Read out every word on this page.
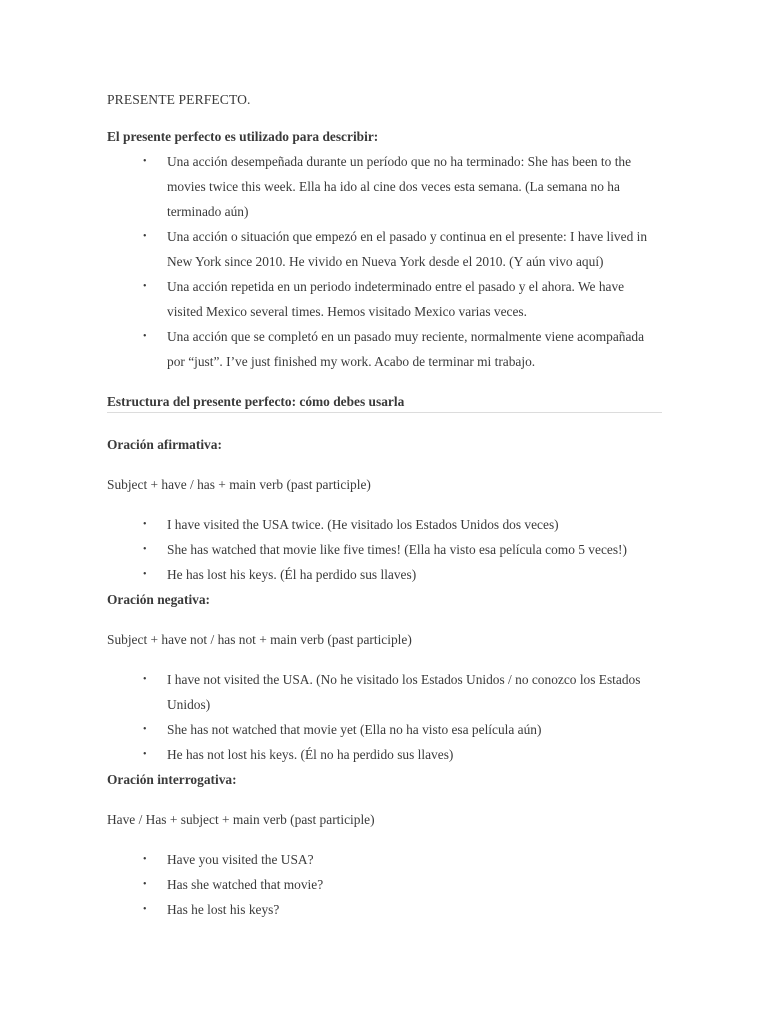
PRESENTE PERFECTO.

El presente perfecto es utilizado para describir:

• Una acción desempeñada durante un período que no ha terminado: She has been to the movies twice this week. Ella ha ido al cine dos veces esta semana. (La semana no ha terminado aún)
• Una acción o situación que empezó en el pasado y continua en el presente: I have lived in New York since 2010. He vivido en Nueva York desde el 2010. (Y aún vivo aquí)
• Una acción repetida en un periodo indeterminado entre el pasado y el ahora. We have visited Mexico several times. Hemos visitado Mexico varias veces.
• Una acción que se completó en un pasado muy reciente, normalmente viene acompañada por “just”. I’ve just finished my work. Acabo de terminar mi trabajo.

Estructura del presente perfecto: cómo debes usarla

Oración afirmativa:

Subject + have / has + main verb (past participle)

• I have visited the USA twice. (He visitado los Estados Unidos dos veces)
• She has watched that movie like five times! (Ella ha visto esa película como 5 veces!)
• He has lost his keys. (Él ha perdido sus llaves)

Oración negativa:

Subject + have not / has not + main verb (past participle)

• I have not visited the USA. (No he visitado los Estados Unidos / no conozco los Estados Unidos)
• She has not watched that movie yet (Ella no ha visto esa película aún)
• He has not lost his keys. (Él no ha perdido sus llaves)

Oración interrogativa:

Have / Has + subject + main verb (past participle)

• Have you visited the USA?
• Has she watched that movie?
• Has he lost his keys?
